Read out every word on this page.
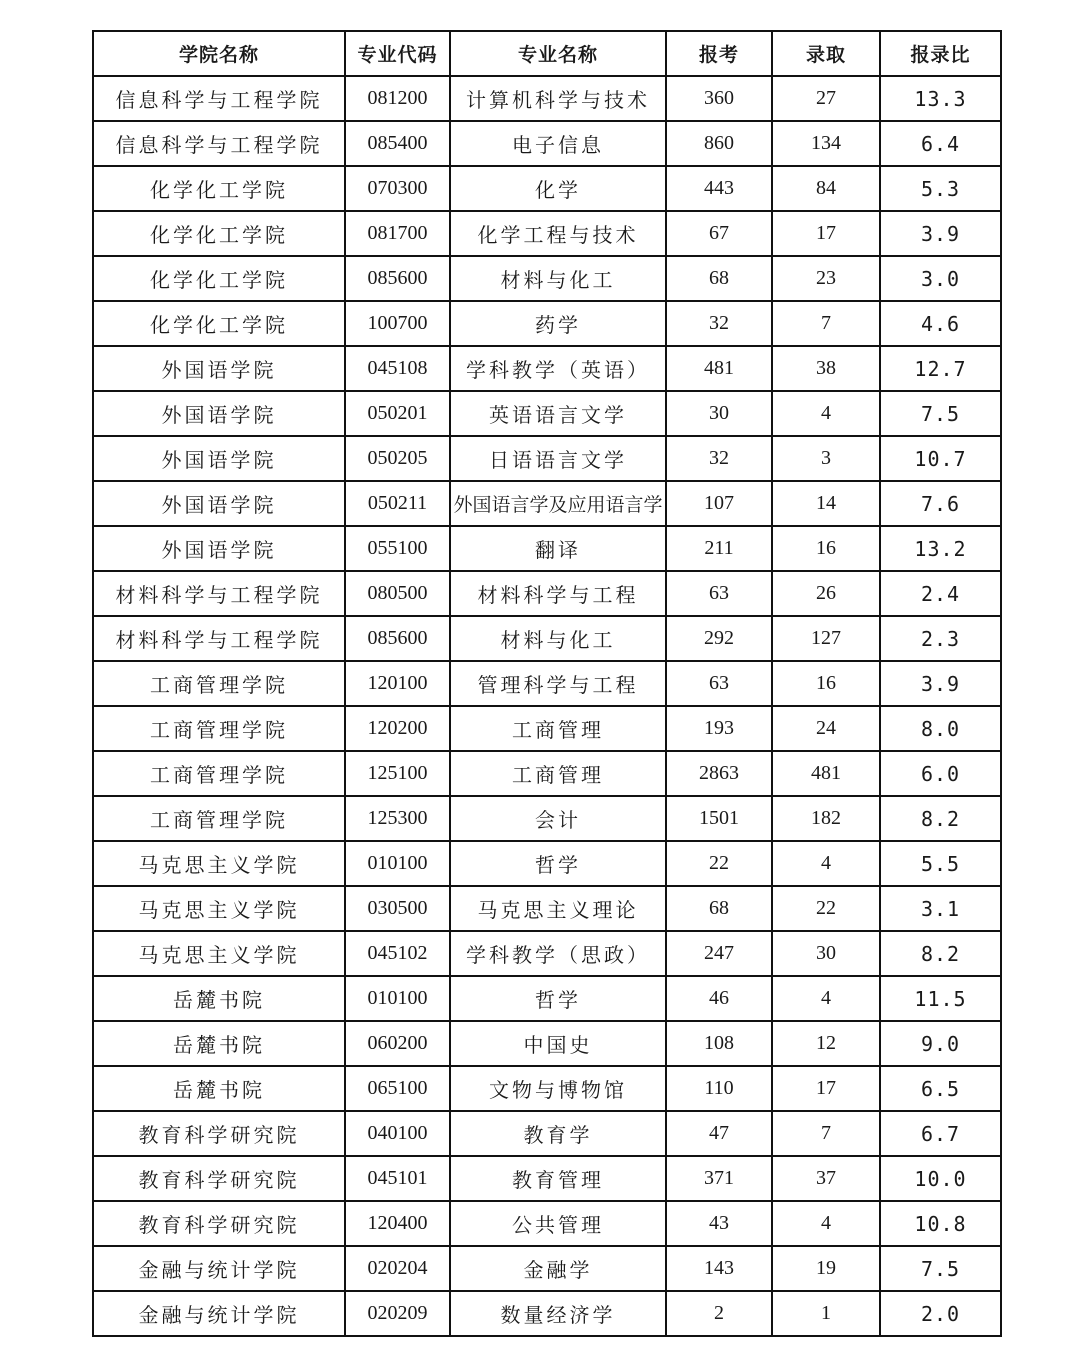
学院名称	专业代码	专业名称	报考	录取	报录比
信息科学与工程学院	081200	计算机科学与技术	360	27	13.3
信息科学与工程学院	085400	电子信息	860	134	6.4
化学化工学院	070300	化学	443	84	5.3
化学化工学院	081700	化学工程与技术	67	17	3.9
化学化工学院	085600	材料与化工	68	23	3.0
化学化工学院	100700	药学	32	7	4.6
外国语学院	045108	学科教学（英语）	481	38	12.7
外国语学院	050201	英语语言文学	30	4	7.5
外国语学院	050205	日语语言文学	32	3	10.7
外国语学院	050211	外国语言学及应用语言学	107	14	7.6
外国语学院	055100	翻译	211	16	13.2
材料科学与工程学院	080500	材料科学与工程	63	26	2.4
材料科学与工程学院	085600	材料与化工	292	127	2.3
工商管理学院	120100	管理科学与工程	63	16	3.9
工商管理学院	120200	工商管理	193	24	8.0
工商管理学院	125100	工商管理	2863	481	6.0
工商管理学院	125300	会计	1501	182	8.2
马克思主义学院	010100	哲学	22	4	5.5
马克思主义学院	030500	马克思主义理论	68	22	3.1
马克思主义学院	045102	学科教学（思政）	247	30	8.2
岳麓书院	010100	哲学	46	4	11.5
岳麓书院	060200	中国史	108	12	9.0
岳麓书院	065100	文物与博物馆	110	17	6.5
教育科学研究院	040100	教育学	47	7	6.7
教育科学研究院	045101	教育管理	371	37	10.0
教育科学研究院	120400	公共管理	43	4	10.8
金融与统计学院	020204	金融学	143	19	7.5
金融与统计学院	020209	数量经济学	2	1	2.0
